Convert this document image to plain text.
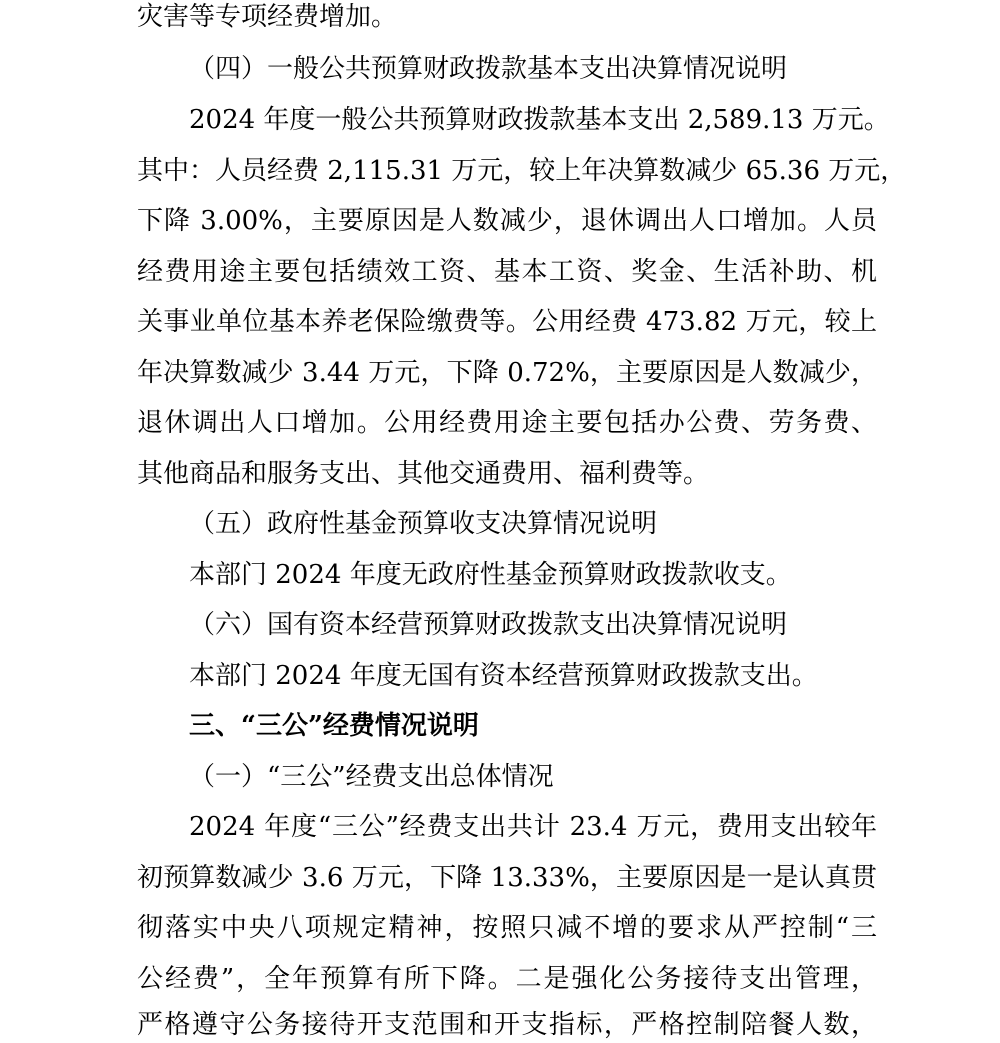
灾害等专项经费增加。
（四）一般公共预算财政拨款基本支出决算情况说明
2024 年度一般公共预算财政拨款基本支出 2,589.13 万元。
其中：人员经费 2,115.31 万元，较上年决算数减少 65.36 万元，
下降 3.00%，主要原因是人数减少，退休调出人口增加。人员
经费用途主要包括绩效工资、基本工资、奖金、生活补助、机
关事业单位基本养老保险缴费等。公用经费 473.82 万元，较上
年决算数减少 3.44 万元，下降 0.72%，主要原因是人数减少，
退休调出人口增加。公用经费用途主要包括办公费、劳务费、
其他商品和服务支出、其他交通费用、福利费等。
（五）政府性基金预算收支决算情况说明
本部门 2024 年度无政府性基金预算财政拨款收支。
（六）国有资本经营预算财政拨款支出决算情况说明
本部门 2024 年度无国有资本经营预算财政拨款支出。
三、“三公”经费情况说明
（一）“三公”经费支出总体情况
2024 年度“三公”经费支出共计 23.4 万元，费用支出较年
初预算数减少 3.6 万元，下降 13.33%，主要原因是一是认真贯
彻落实中央八项规定精神，按照只减不增的要求从严控制“三
公经费”，全年预算有所下降。二是强化公务接待支出管理，
严格遵守公务接待开支范围和开支指标，严格控制陪餐人数，
